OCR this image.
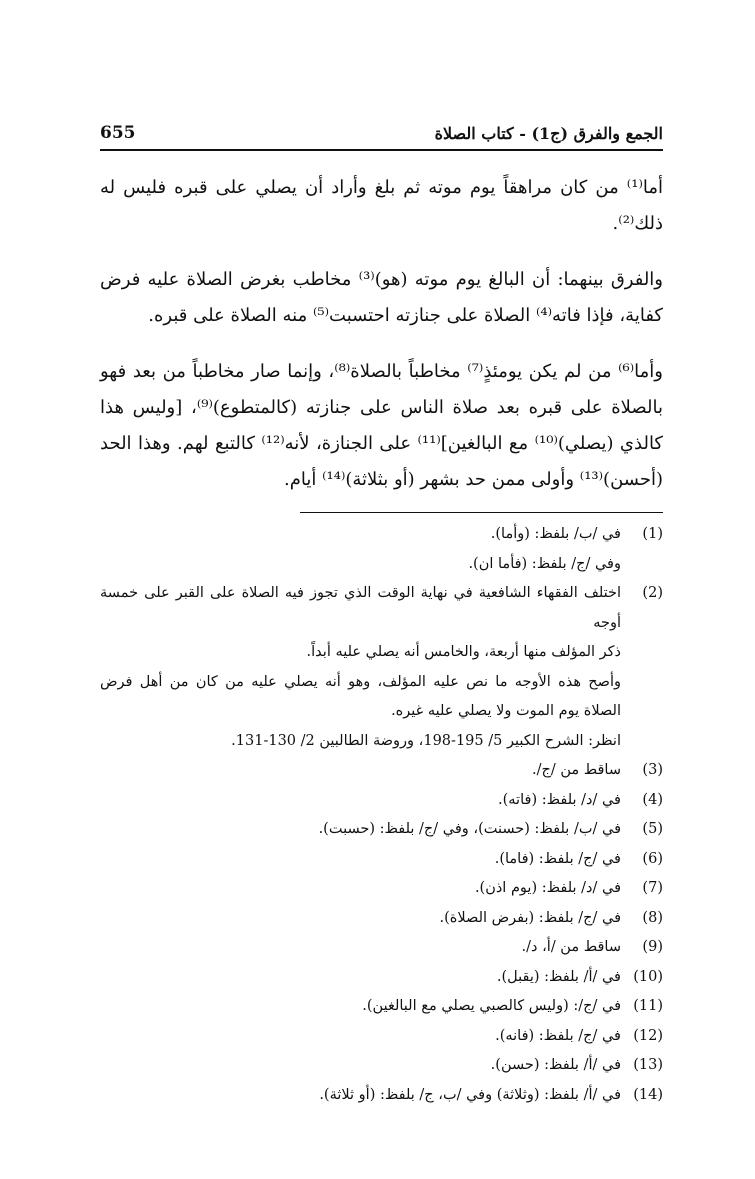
655	الجمع والفرق (ج1) - كتاب الصلاة

أما⁽¹⁾ من كان مراهقاً يوم موته ثم بلغ وأراد أن يصلي على قبره فليس له ذلك⁽²⁾.

والفرق بينهما: أن البالغ يوم موته (هو)⁽³⁾ مخاطب بغرض الصلاة عليه فرض كفاية، فإذا فاته⁽⁴⁾ الصلاة على جنازته احتسبت⁽⁵⁾ منه الصلاة على قبره.

وأما⁽⁶⁾ من لم يكن يومئذٍ⁽⁷⁾ مخاطباً بالصلاة⁽⁸⁾، وإنما صار مخاطباً من بعد فهو بالصلاة على قبره بعد صلاة الناس على جنازته (كالمتطوع)⁽⁹⁾، [وليس هذا كالذي (يصلي)⁽¹⁰⁾ مع البالغين]⁽¹¹⁾ على الجنازة، لأنه⁽¹²⁾ كالتبع لهم. وهذا الحد (أحسن)⁽¹³⁾ وأولى ممن حد بشهر (أو بثلاثة)⁽¹⁴⁾ أيام.

(1)
في /ب/ بلفظ: (وأما).
وفي /ج/ بلفظ: (فأما ان).
(2)
اختلف الفقهاء الشافعية في نهاية الوقت الذي تجوز فيه الصلاة على القبر على خمسة أوجه
ذكر المؤلف منها أربعة، والخامس أنه يصلي عليه أبداً.
وأصح هذه الأوجه ما نص عليه المؤلف، وهو أنه يصلي عليه من كان من أهل فرض
الصلاة يوم الموت ولا يصلي عليه غيره.
انظر: الشرح الكبير 5/ 195-198، وروضة الطالبين 2/ 130-131.
(3)
ساقط من /ج/.
(4)
في /د/ بلفظ: (فاته).
(5)
في /ب/ بلفظ: (حسنت)، وفي /ج/ بلفظ: (حسبت).
(6)
في /ج/ بلفظ: (فاما).
(7)
في /د/ بلفظ: (يوم اذن).
(8)
في /ج/ بلفظ: (بفرض الصلاة).
(9)
ساقط من /أ، د/.
(10)
في /أ/ بلفظ: (يقبل).
(11)
في /ج/: (وليس كالصبي يصلي مع البالغين).
(12)
في /ج/ بلفظ: (فانه).
(13)
في /أ/ بلفظ: (حسن).
(14)
في /أ/ بلفظ: (وثلاثة) وفي /ب، ج/ بلفظ: (أو ثلاثة).
